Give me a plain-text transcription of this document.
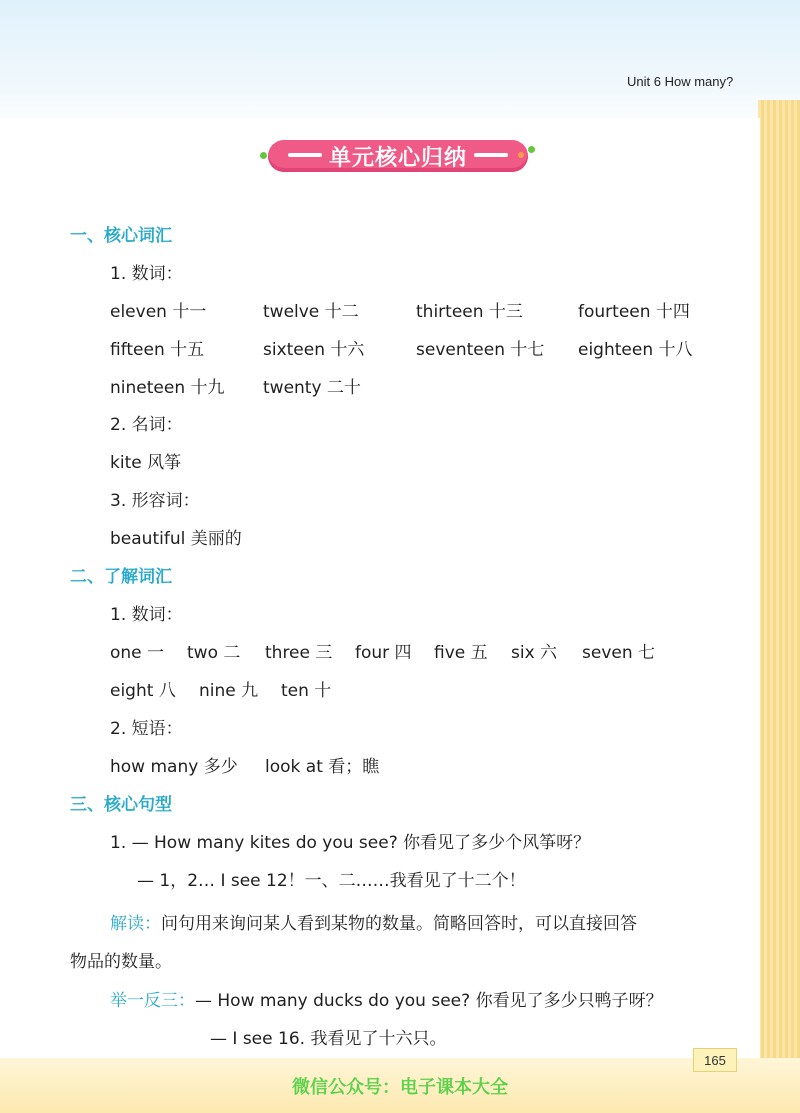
Unit 6 How many?
单元核心归纳
一、核心词汇
1. 数词：
eleven 十一	twelve 十二	thirteen 十三	fourteen 十四
fifteen 十五	sixteen 十六	seventeen 十七 eighteen 十八
nineteen 十九 twenty 二十
2. 名词：
kite 风筝
3. 形容词：
beautiful 美丽的
二、了解词汇
1. 数词：
one 一 two 二 three 三 four 四 five 五 six 六 seven 七
eight 八 nine 九 ten 十
2. 短语：
how many 多少 look at 看；瞧
三、核心句型
1. — How many kites do you see? 你看见了多少个风筝呀？
— 1，2… I see 12！一、二……我看见了十二个！
解读：问句用来询问某人看到某物的数量。简略回答时，可以直接回答
物品的数量。
举一反三：— How many ducks do you see? 你看见了多少只鸭子呀？
— I see 16. 我看见了十六只。
165
微信公众号：电子课本大全
